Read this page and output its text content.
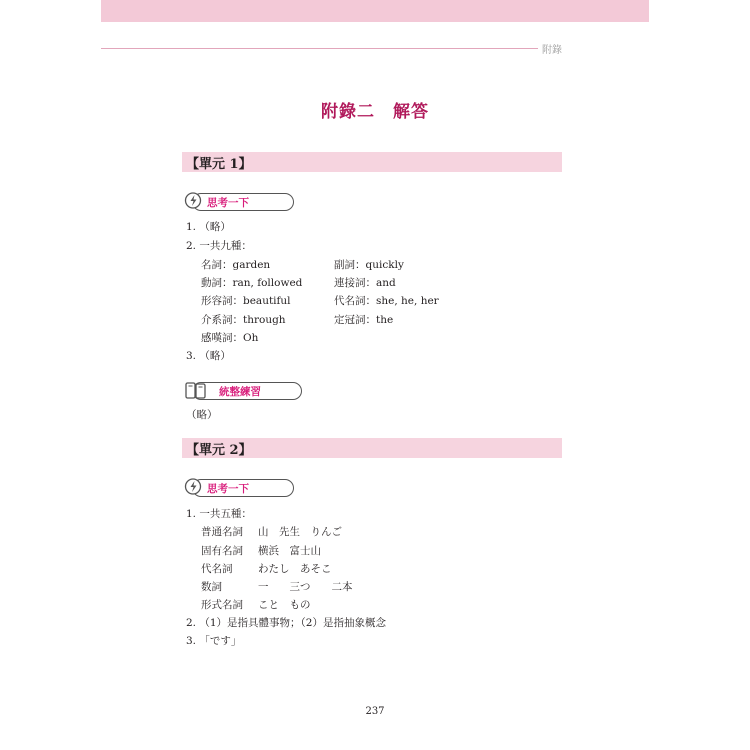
附錄
附錄二　解答
【單元 1】
思考一下
1. （略）
2. 一共九種：
名詞：garden
動詞：ran, followed
形容詞：beautiful
介系詞：through
感嘆詞：Oh
副詞：quickly
連接詞：and
代名詞：she, he, her
定冠詞：the
3. （略）
統整練習
（略）
【單元 2】
思考一下
1. 一共五種：
普通名詞 山　先生　りんご
固有名詞 横浜　富士山
代名詞 わたし　あそこ
数詞	一　　三つ　　二本
形式名詞 こと　もの
2. （1）是指具體事物；（2）是指抽象概念
3. 「です」
237
